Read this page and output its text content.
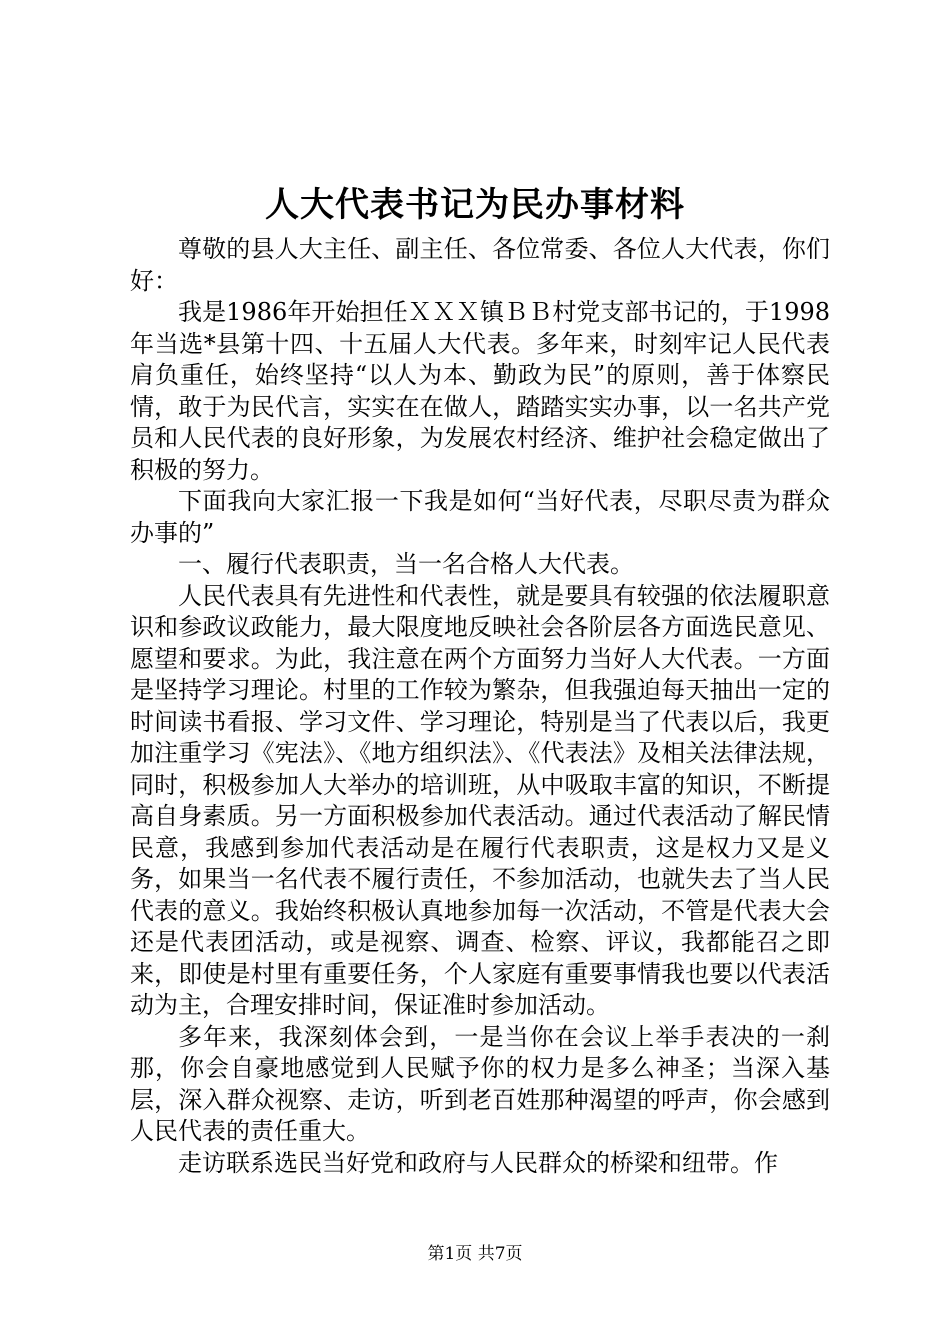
人大代表书记为民办事材料

尊敬的县人大主任、副主任、各位常委、各位人大代表，你们好：

我是1986年开始担任ＸＸＸ镇ＢＢ村党支部书记的，于1998年当选*县第十四、十五届人大代表。多年来，时刻牢记人民代表肩负重任，始终坚持“以人为本、勤政为民”的原则，善于体察民情，敢于为民代言，实实在在做人，踏踏实实办事，以一名共产党员和人民代表的良好形象，为发展农村经济、维护社会稳定做出了积极的努力。

下面我向大家汇报一下我是如何“当好代表，尽职尽责为群众办事的”

一、履行代表职责，当一名合格人大代表。

人民代表具有先进性和代表性，就是要具有较强的依法履职意识和参政议政能力，最大限度地反映社会各阶层各方面选民意见、愿望和要求。为此，我注意在两个方面努力当好人大代表。一方面是坚持学习理论。村里的工作较为繁杂，但我强迫每天抽出一定的时间读书看报、学习文件、学习理论，特别是当了代表以后，我更加注重学习《宪法》、《地方组织法》、《代表法》及相关法律法规，同时，积极参加人大举办的培训班，从中吸取丰富的知识，不断提高自身素质。另一方面积极参加代表活动。通过代表活动了解民情民意，我感到参加代表活动是在履行代表职责，这是权力又是义务，如果当一名代表不履行责任，不参加活动，也就失去了当人民代表的意义。我始终积极认真地参加每一次活动，不管是代表大会还是代表团活动，或是视察、调查、检察、评议，我都能召之即来，即使是村里有重要任务，个人家庭有重要事情我也要以代表活动为主，合理安排时间，保证准时参加活动。

多年来，我深刻体会到，一是当你在会议上举手表决的一刹那，你会自豪地感觉到人民赋予你的权力是多么神圣；当深入基层，深入群众视察、走访，听到老百姓那种渴望的呼声，你会感到人民代表的责任重大。

走访联系选民当好党和政府与人民群众的桥梁和纽带。作

第1页 共7页
